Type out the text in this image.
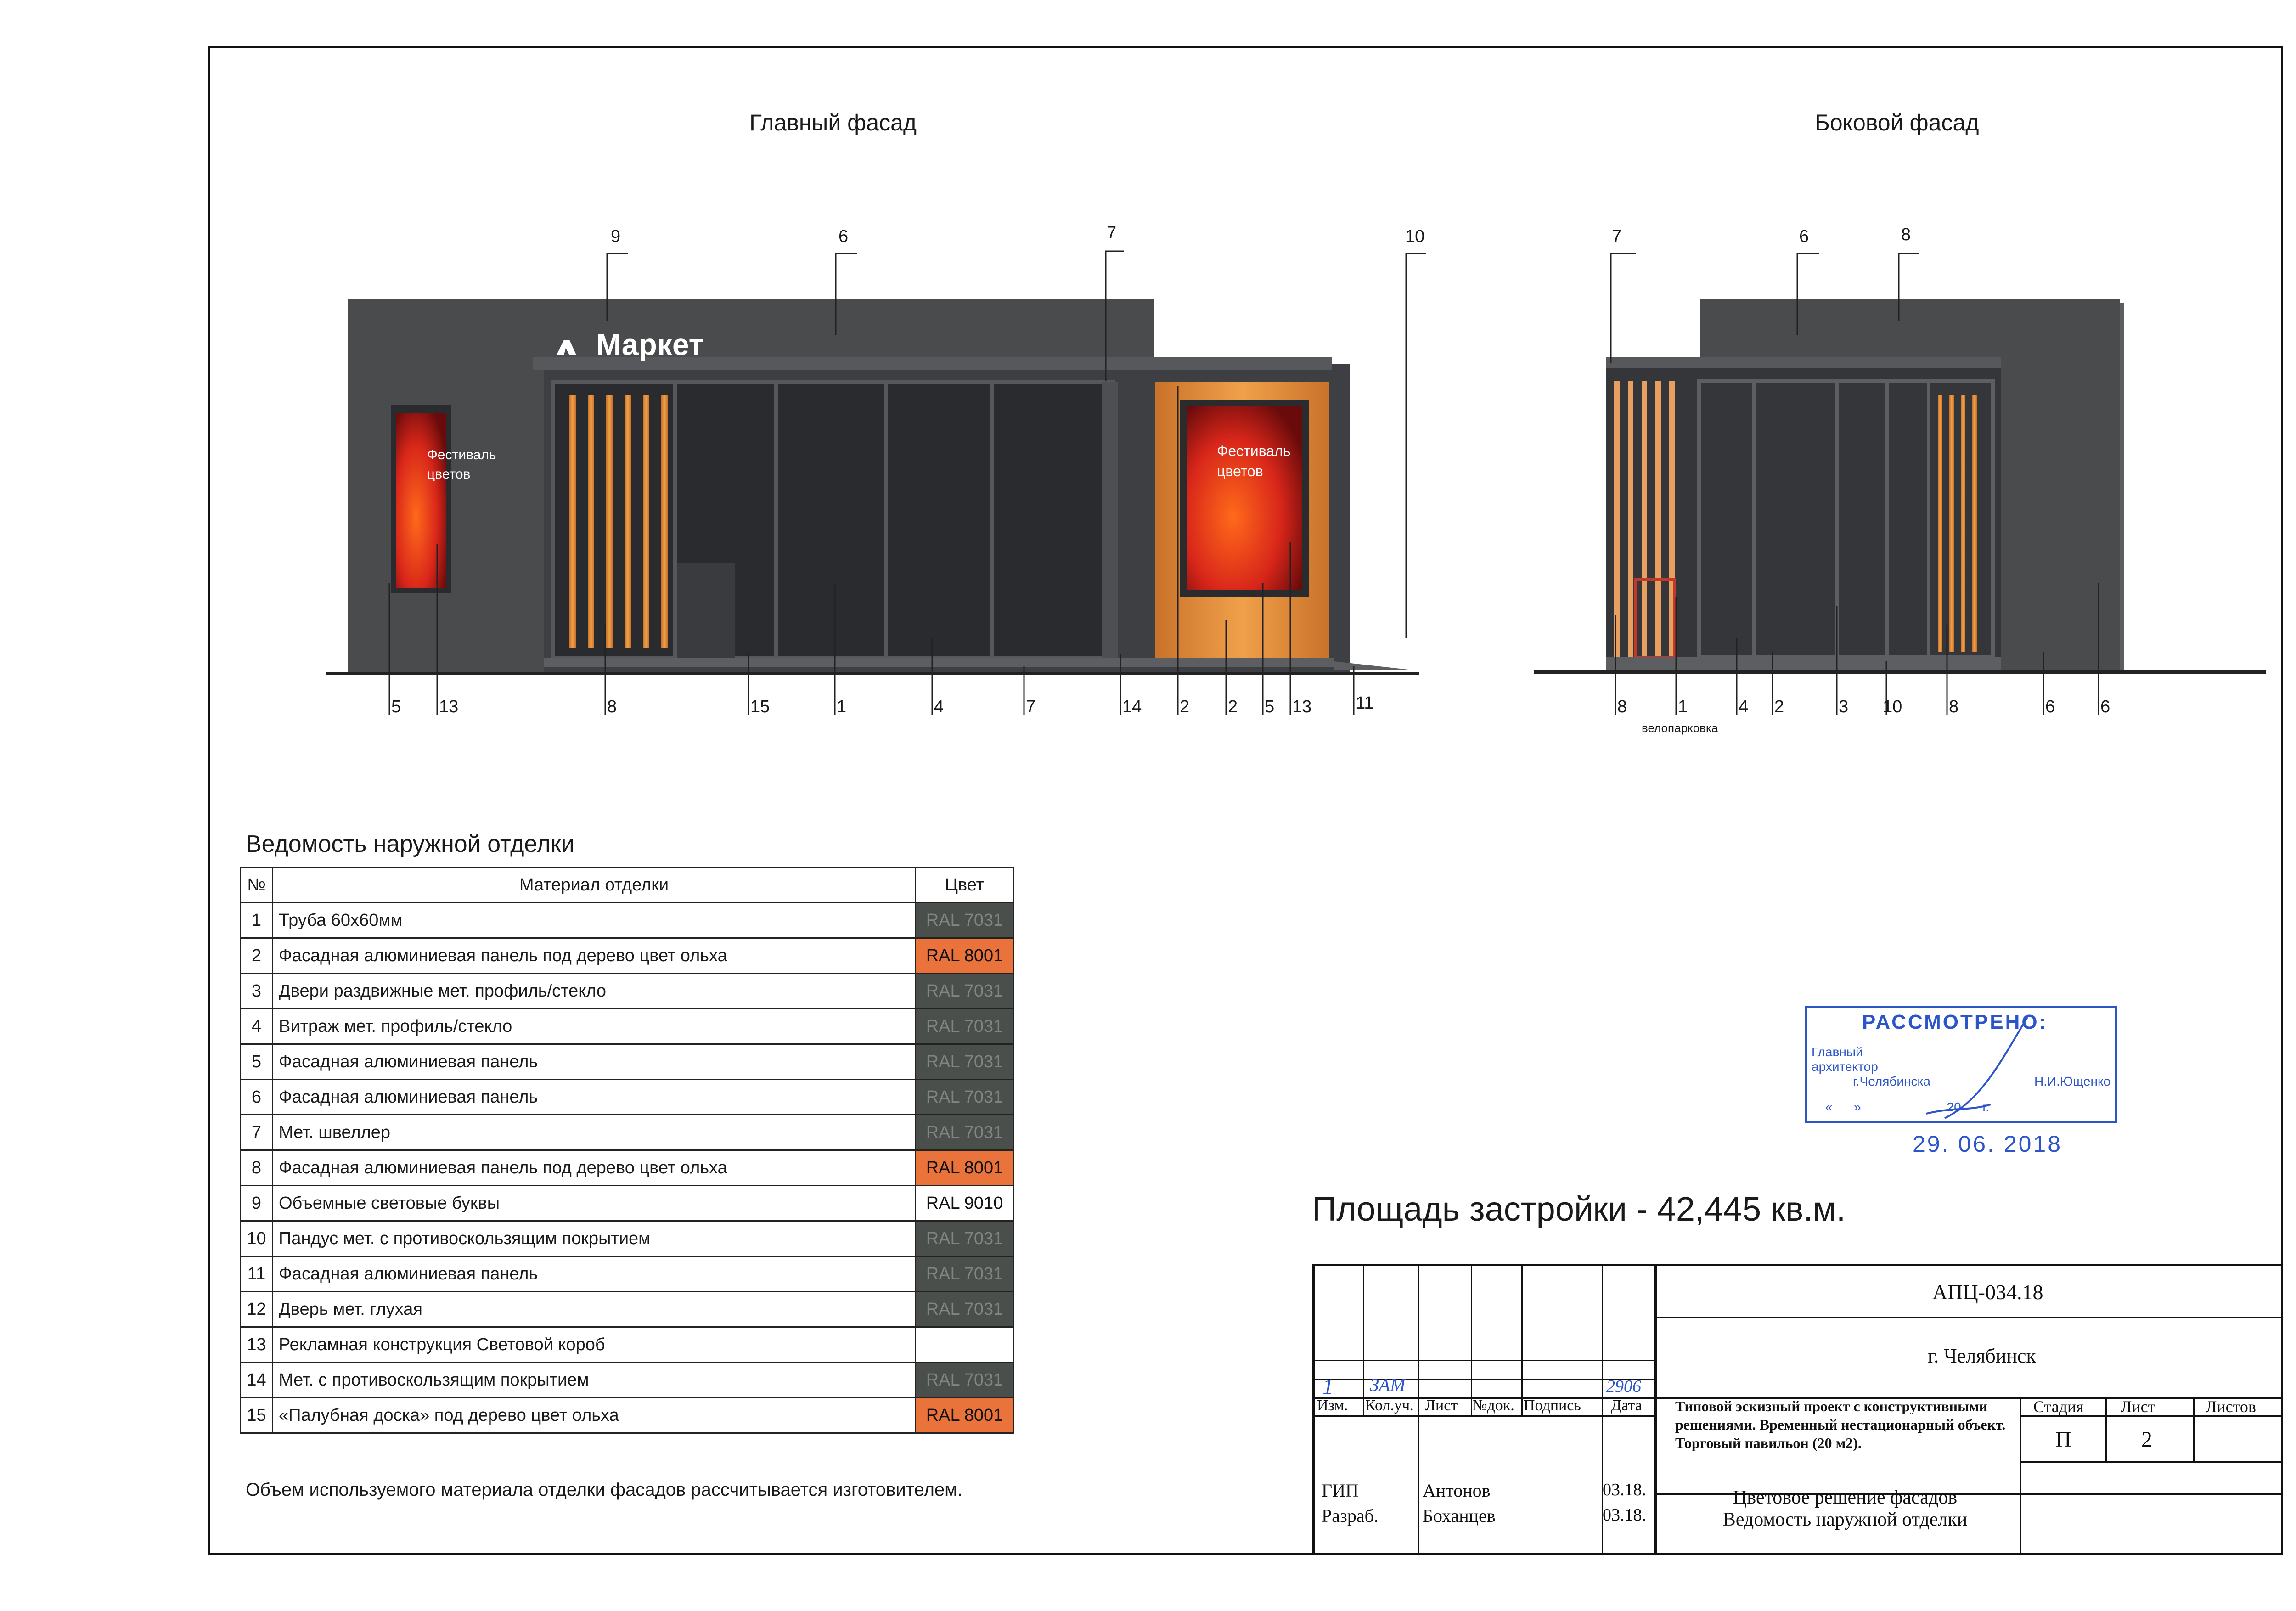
Главный фасад	Боковой фасад
Маркет
Фестиваль цветов
Фестиваль цветов
9	6	7	10
5 13	8	15	1	4	7	14 2 2 5 13	11
7	6	8
8	1	4 2	3 10	8	6	6
велопарковка
Ведомость наружной отделки
№	Материал отделки	Цвет
1	Труба 60х60мм	RAL 7031
2	Фасадная алюминиевая панель под дерево цвет ольха	RAL 8001
3	Двери раздвижные мет. профиль/стекло	RAL 7031
4	Витраж мет. профиль/стекло	RAL 7031
5	Фасадная алюминиевая панель	RAL 7031
6	Фасадная алюминиевая панель	RAL 7031
7	Мет. швеллер	RAL 7031
8	Фасадная алюминиевая панель под дерево цвет ольха	RAL 8001
9	Объемные световые буквы	RAL 9010
10	Пандус мет. с противоскользящим покрытием	RAL 7031
11	Фасадная алюминиевая панель	RAL 7031
12	Дверь мет. глухая	RAL 7031
13	Рекламная конструкция Световой короб	
14	Мет. с противоскользящим покрытием	RAL 7031
15	«Палубная доска» под дерево цвет ольха	RAL 8001
Объем используемого материала отделки фасадов рассчитывается изготовителем.
Площадь застройки - 42,445 кв.м.
РАССМОТРЕНО:
Главный
архитектор
г.Челябинска	Н.И.Ющенко
«      »                        20      г.
29. 06. 2018
АПЦ-034.18
г. Челябинск
Типовой эскизный проект с конструктивными решениями. Временный нестационарный объект. Торговый павильон (20 м2).
Стадия Лист	Листов
П	2
Цветовое решение фасадов Ведомость наружной отделки
1 ЗАМ	2906
Изм. Кол.уч. Лист №док. Подпись Дата
ГИП	Антонов	03.18.
Разраб. Боханцев	03.18.
